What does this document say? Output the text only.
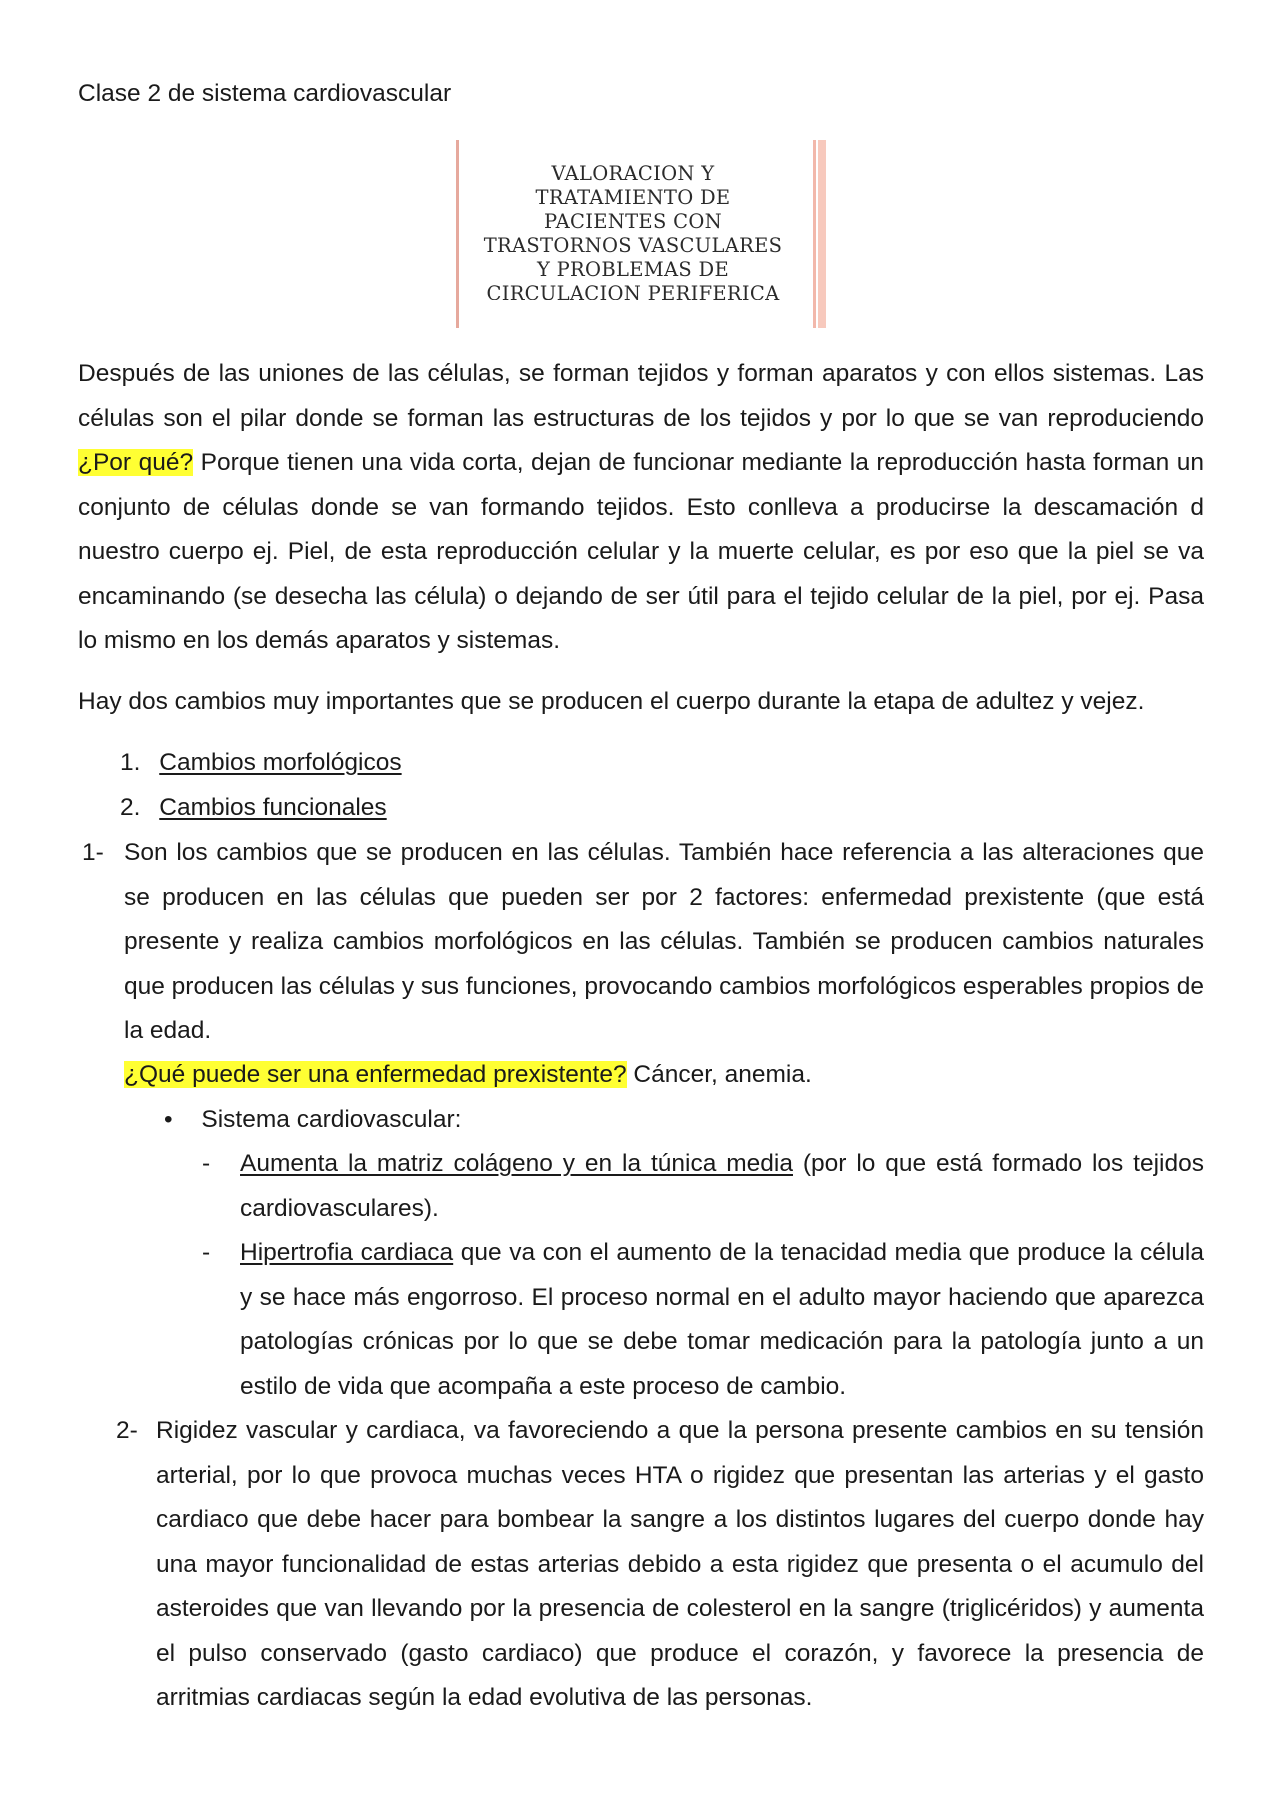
Clase 2 de sistema cardiovascular
VALORACION Y
TRATAMIENTO DE
PACIENTES CON
TRASTORNOS VASCULARES
Y PROBLEMAS DE
CIRCULACION PERIFERICA

Después de las uniones de las células, se forman tejidos y forman aparatos y con ellos sistemas. Las células son el pilar donde se forman las estructuras de los tejidos y por lo que se van reproduciendo ¿Por qué? Porque tienen una vida corta, dejan de funcionar mediante la reproducción hasta forman un conjunto de células donde se van formando tejidos. Esto conlleva a producirse la descamación d nuestro cuerpo ej. Piel, de esta reproducción celular y la muerte celular, es por eso que la piel se va encaminando (se desecha las célula) o dejando de ser útil para el tejido celular de la piel, por ej. Pasa lo mismo en los demás aparatos y sistemas.

Hay dos cambios muy importantes que se producen el cuerpo durante la etapa de adultez y vejez.

1. Cambios morfológicos
2. Cambios funcionales
1- Son los cambios que se producen en las células. También hace referencia a las alteraciones que se producen en las células que pueden ser por 2 factores: enfermedad prexistente (que está presente y realiza cambios morfológicos en las células. También se producen cambios naturales que producen las células y sus funciones, provocando cambios morfológicos esperables propios de la edad.
¿Qué puede ser una enfermedad prexistente? Cáncer, anemia.
• Sistema cardiovascular:
- Aumenta la matriz colágeno y en la túnica media (por lo que está formado los tejidos cardiovasculares).
- Hipertrofia cardiaca que va con el aumento de la tenacidad media que produce la célula y se hace más engorroso. El proceso normal en el adulto mayor haciendo que aparezca patologías crónicas por lo que se debe tomar medicación para la patología junto a un estilo de vida que acompaña a este proceso de cambio.
2- Rigidez vascular y cardiaca, va favoreciendo a que la persona presente cambios en su tensión arterial, por lo que provoca muchas veces HTA o rigidez que presentan las arterias y el gasto cardiaco que debe hacer para bombear la sangre a los distintos lugares del cuerpo donde hay una mayor funcionalidad de estas arterias debido a esta rigidez que presenta o el acumulo del asteroides que van llevando por la presencia de colesterol en la sangre (triglicéridos) y aumenta el pulso conservado (gasto cardiaco) que produce el corazón, y favorece la presencia de arritmias cardiacas según la edad evolutiva de las personas.
